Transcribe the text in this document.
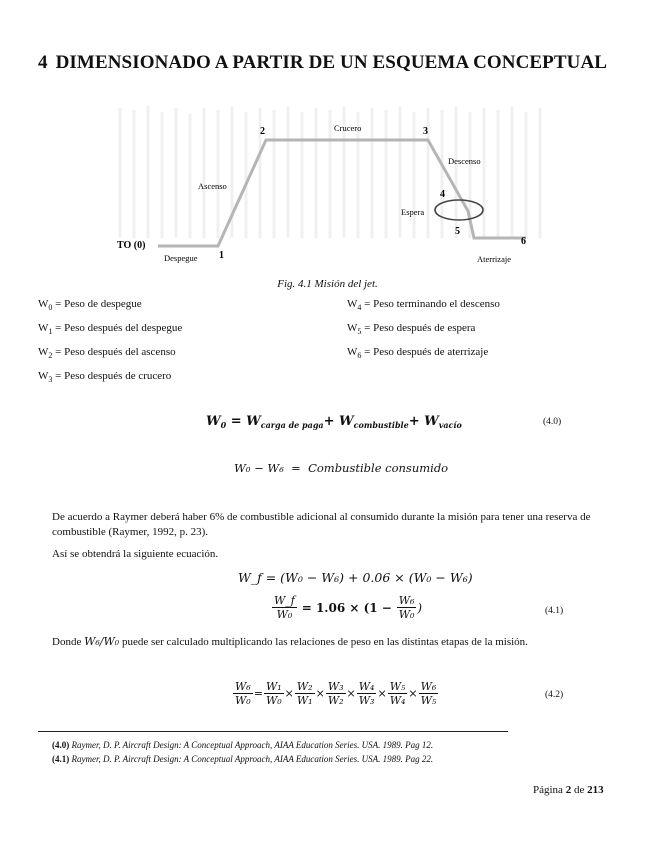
4 DIMENSIONADO A PARTIR DE UN ESQUEMA CONCEPTUAL
TO (0)
1
2	3
4
5
6
Despegue
Ascenso
Crucero
Descenso
Espera
Aterrizaje
Fig. 4.1 Misión del jet.
$W_0$ = Peso de despegue
$W_1$ = Peso después del despegue
$W_2$ = Peso después del ascenso
$W_3$ = Peso después de crucero
$W_4$ = Peso terminando el descenso
$W_5$ = Peso después de espera
$W_6$ = Peso después de aterrizaje
$W_0 = W_{carga de paga}+ W_{combustible}+ W_{vacío}$	(4.0)
W₀ − W₆  =  Combustible consumido
De acuerdo a Raymer deberá haber 6% de combustible adicional al consumido durante la misión para tener una reserva de combustible (Raymer, 1992, p. 23).
Así se obtendrá la siguiente ecuación.
W_f = (W₀ − W₆) + 0.06 × (W₀ − W₆)
$\frac{W\_f}{\text{W₀}} = 1.06 \times (1 - \frac{\text{W₆}}{\text{W₀}}$ )	(4.1)
Donde W₆/W₀ puede ser calculado multiplicando las relaciones de peso en las distintas etapas de la misión.
$\frac{\text{W₆}}{\text{W₀}} = \frac{\text{W₁}}{\text{W₀}} \times \frac{\text{W₂}}{\text{W₁}} \times \frac{\text{W₃}}{\text{W₂}} \times \frac{\text{W₄}}{\text{W₃}} \times \frac{\text{W₅}}{\text{W₄}} \times \frac{\text{W₆}}{\text{W₅}}$	(4.2)
(4.0) Raymer, D. P. Aircraft Design: A Conceptual Approach, AIAA Education Series. USA. 1989. Pag 12.
(4.1) Raymer, D. P. Aircraft Design: A Conceptual Approach, AIAA Education Series. USA. 1989. Pag 22.
Página 2 de 213
